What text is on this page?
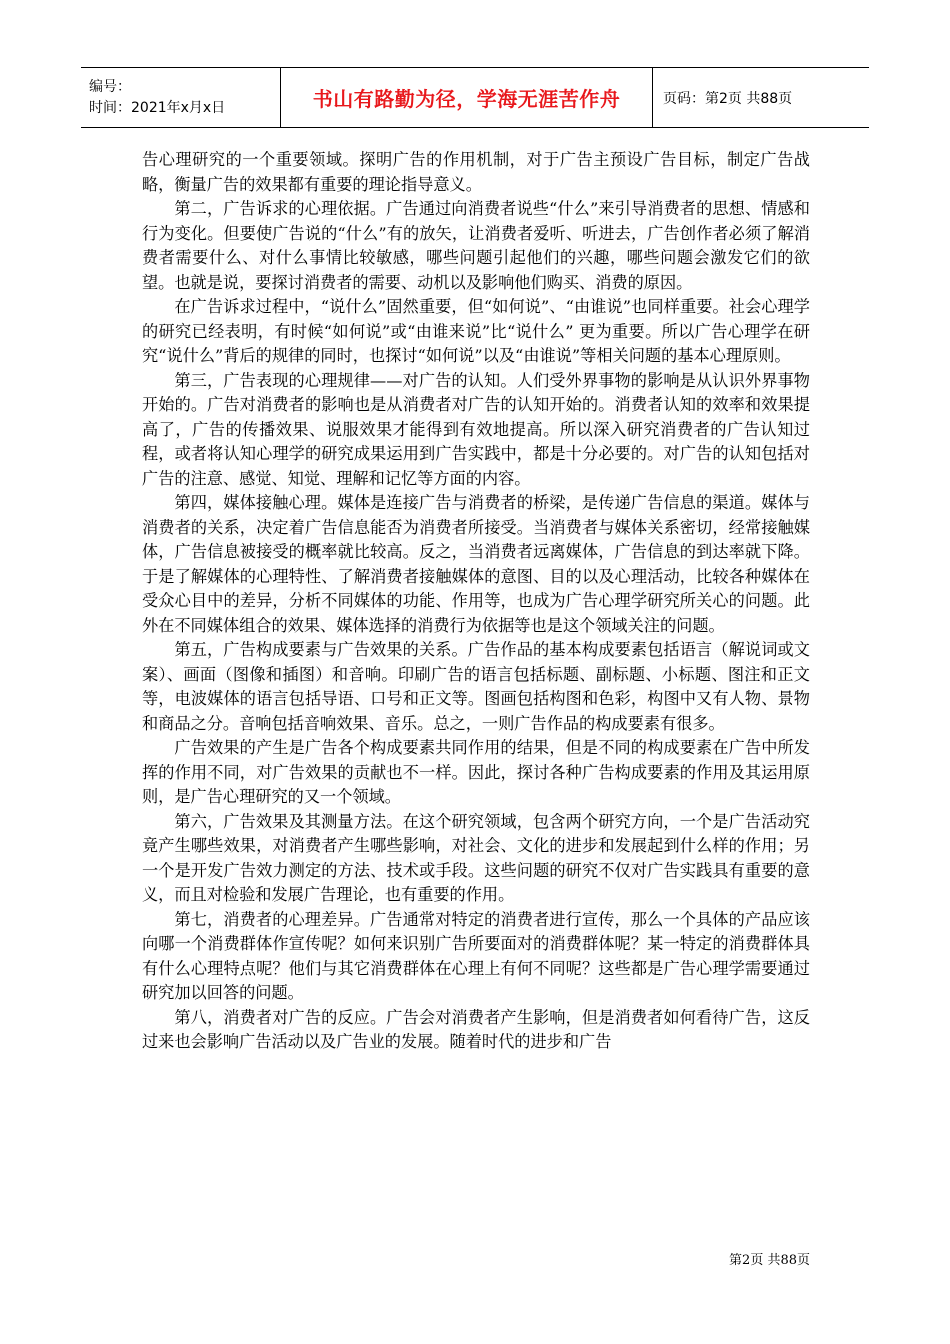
编号：
时间：2021年x月x日	书山有路勤为径，学海无涯苦作舟	页码：第2页 共88页

告心理研究的一个重要领域。探明广告的作用机制，对于广告主预设广告目标，制定广告战略，衡量广告的效果都有重要的理论指导意义。

第二，广告诉求的心理依据。广告通过向消费者说些“什么”来引导消费者的思想、情感和行为变化。但要使广告说的“什么”有的放矢，让消费者爱听、听进去，广告创作者必须了解消费者需要什么、对什么事情比较敏感，哪些问题引起他们的兴趣，哪些问题会激发它们的欲望。也就是说，要探讨消费者的需要、动机以及影响他们购买、消费的原因。

在广告诉求过程中，“说什么”固然重要，但“如何说”、“由谁说”也同样重要。社会心理学的研究已经表明，有时候“如何说”或“由谁来说”比“说什么” 更为重要。所以广告心理学在研究“说什么”背后的规律的同时，也探讨“如何说”以及“由谁说”等相关问题的基本心理原则。

第三，广告表现的心理规律——对广告的认知。人们受外界事物的影响是从认识外界事物开始的。广告对消费者的影响也是从消费者对广告的认知开始的。消费者认知的效率和效果提高了，广告的传播效果、说服效果才能得到有效地提高。所以深入研究消费者的广告认知过程，或者将认知心理学的研究成果运用到广告实践中，都是十分必要的。对广告的认知包括对广告的注意、感觉、知觉、理解和记忆等方面的内容。

第四，媒体接触心理。媒体是连接广告与消费者的桥梁，是传递广告信息的渠道。媒体与消费者的关系，决定着广告信息能否为消费者所接受。当消费者与媒体关系密切，经常接触媒体，广告信息被接受的概率就比较高。反之，当消费者远离媒体，广告信息的到达率就下降。于是了解媒体的心理特性、了解消费者接触媒体的意图、目的以及心理活动，比较各种媒体在受众心目中的差异，分析不同媒体的功能、作用等，也成为广告心理学研究所关心的问题。此外在不同媒体组合的效果、媒体选择的消费行为依据等也是这个领域关注的问题。

第五，广告构成要素与广告效果的关系。广告作品的基本构成要素包括语言（解说词或文案）、画面（图像和插图）和音响。印刷广告的语言包括标题、副标题、小标题、图注和正文等，电波媒体的语言包括导语、口号和正文等。图画包括构图和色彩，构图中又有人物、景物和商品之分。音响包括音响效果、音乐。总之，一则广告作品的构成要素有很多。

广告效果的产生是广告各个构成要素共同作用的结果，但是不同的构成要素在广告中所发挥的作用不同，对广告效果的贡献也不一样。因此，探讨各种广告构成要素的作用及其运用原则，是广告心理研究的又一个领域。

第六，广告效果及其测量方法。在这个研究领域，包含两个研究方向，一个是广告活动究竟产生哪些效果，对消费者产生哪些影响，对社会、文化的进步和发展起到什么样的作用；另一个是开发广告效力测定的方法、技术或手段。这些问题的研究不仅对广告实践具有重要的意义，而且对检验和发展广告理论，也有重要的作用。

第七，消费者的心理差异。广告通常对特定的消费者进行宣传，那么一个具体的产品应该向哪一个消费群体作宣传呢？如何来识别广告所要面对的消费群体呢？某一特定的消费群体具有什么心理特点呢？他们与其它消费群体在心理上有何不同呢？这些都是广告心理学需要通过研究加以回答的问题。

第八，消费者对广告的反应。广告会对消费者产生影响，但是消费者如何看待广告，这反过来也会影响广告活动以及广告业的发展。随着时代的进步和广告

第2页 共88页
